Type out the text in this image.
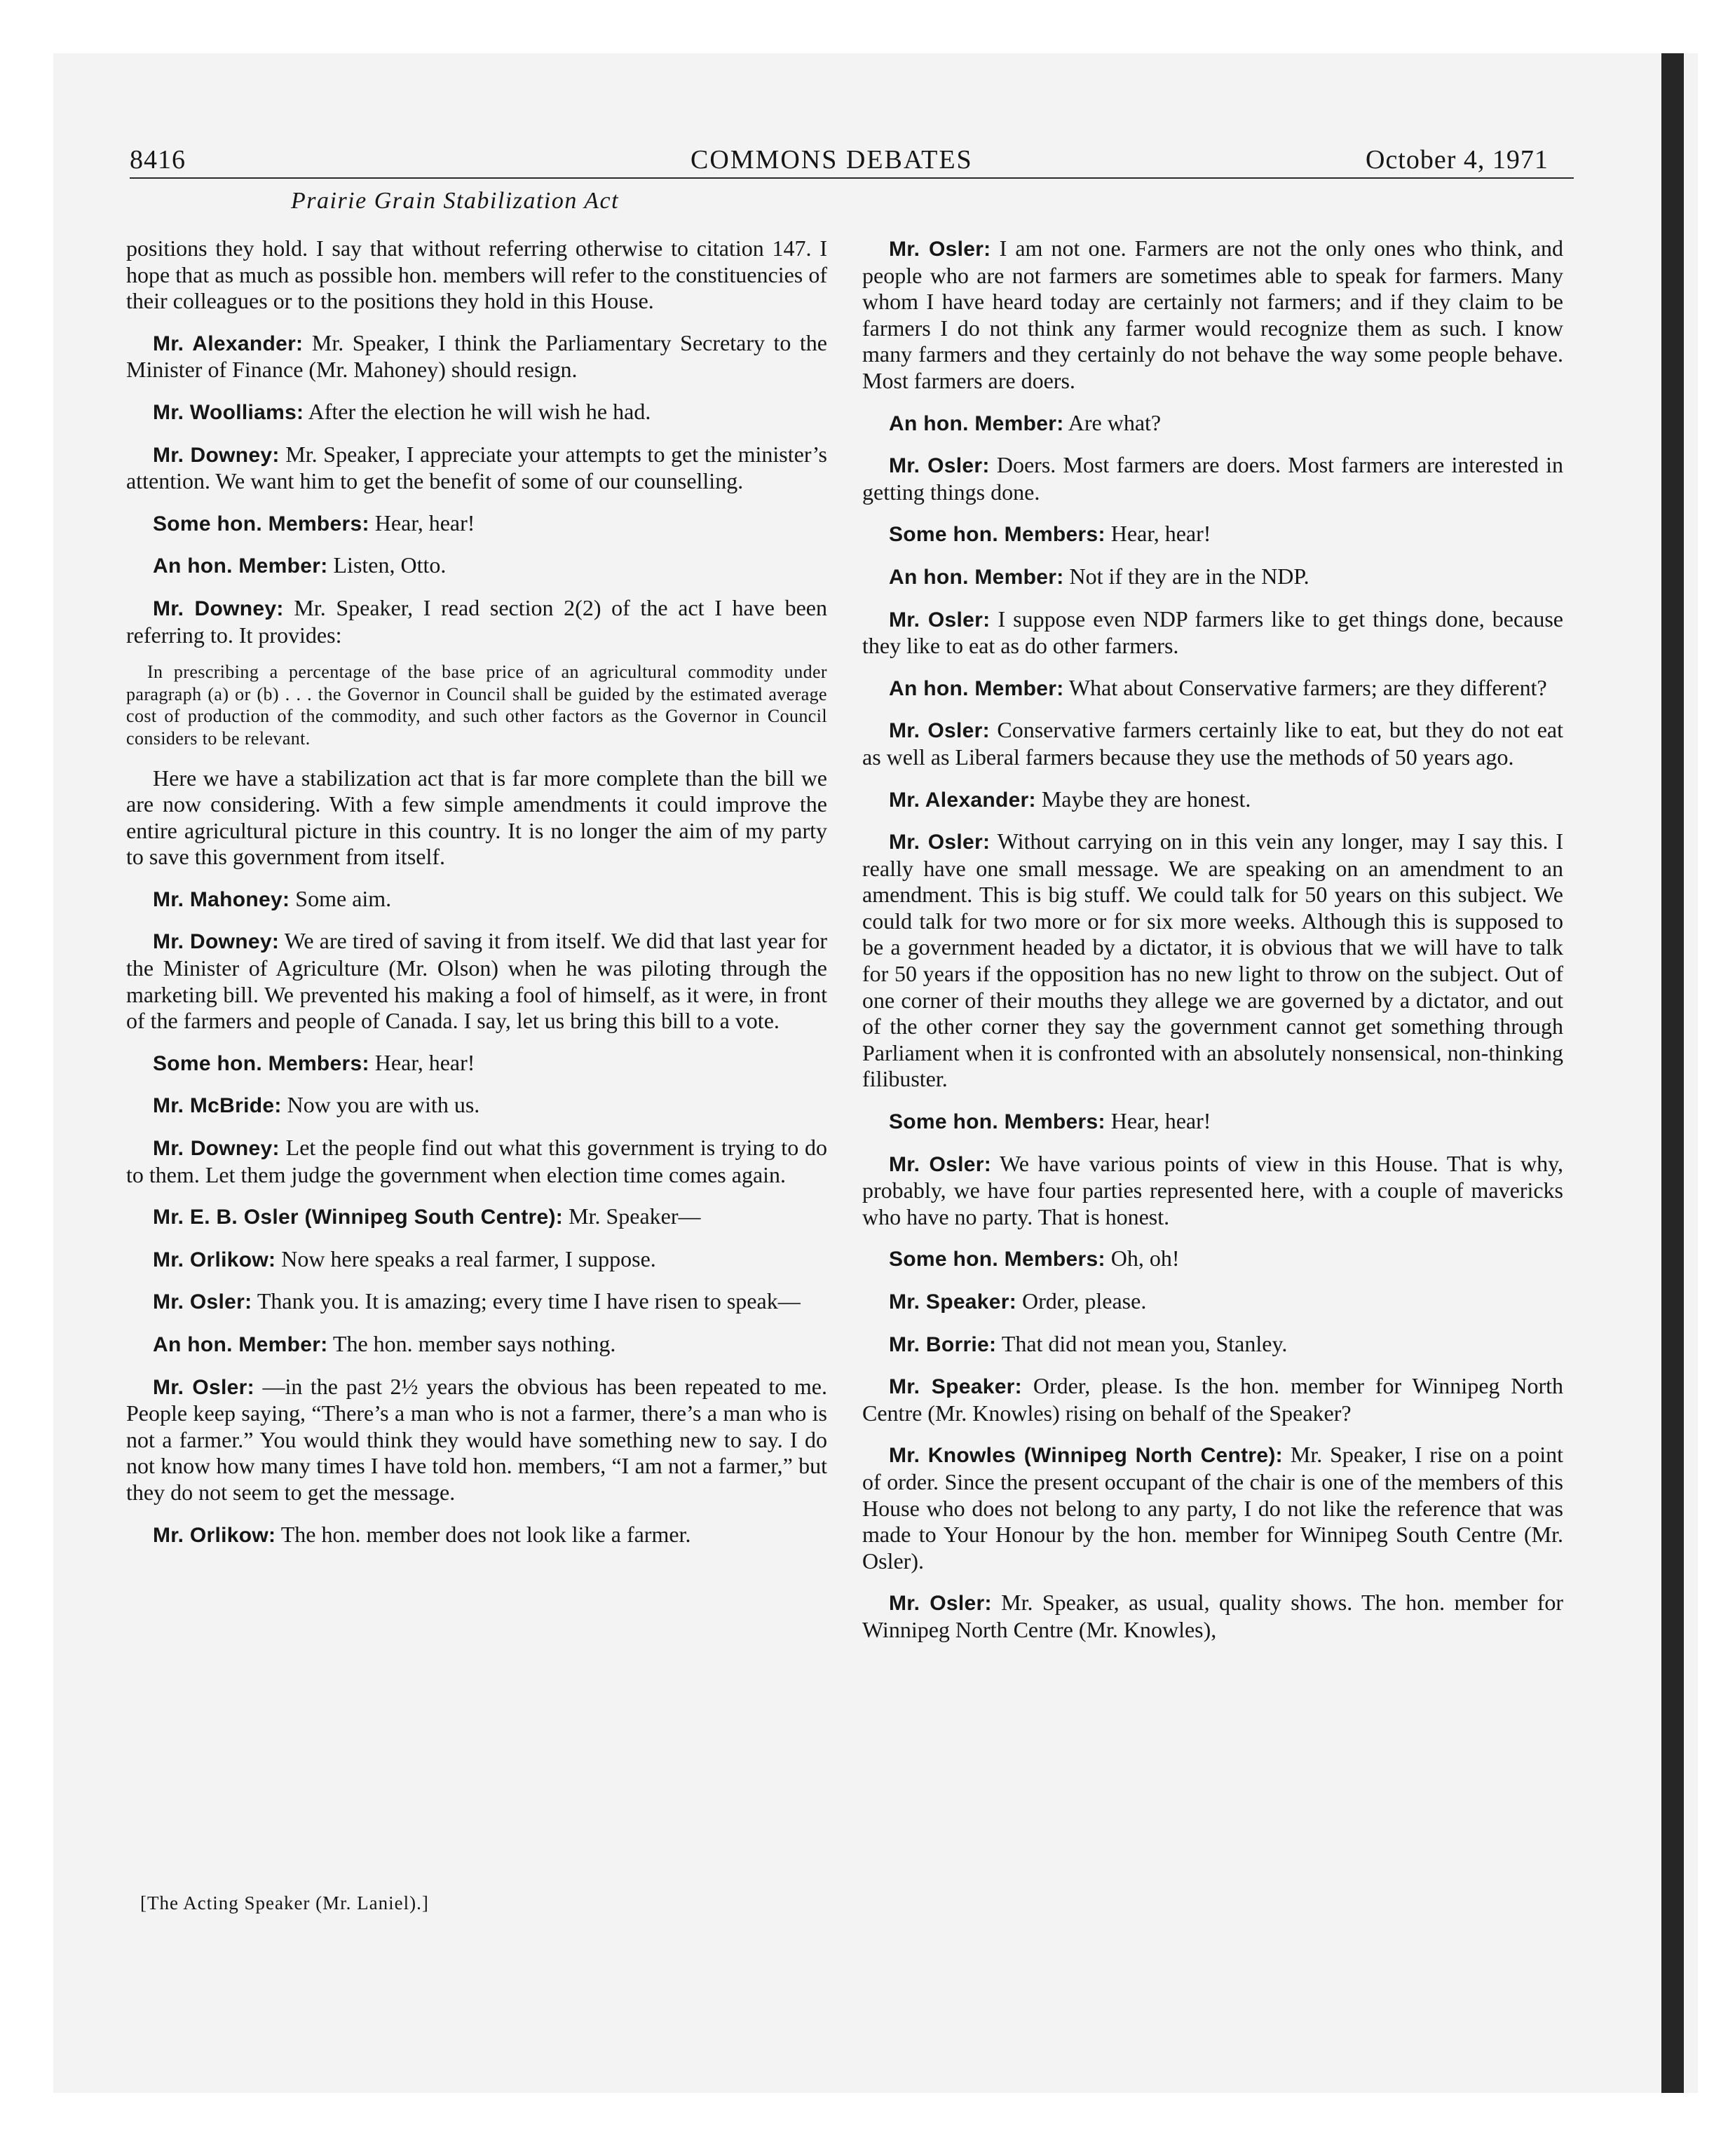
8416	COMMONS DEBATES	October 4, 1971
Prairie Grain Stabilization Act

positions they hold. I say that without referring otherwise to citation 147. I hope that as much as possible hon. members will refer to the constituencies of their colleagues or to the positions they hold in this House.

Mr. Alexander: Mr. Speaker, I think the Parliamentary Secretary to the Minister of Finance (Mr. Mahoney) should resign.

Mr. Woolliams: After the election he will wish he had.

Mr. Downey: Mr. Speaker, I appreciate your attempts to get the minister’s attention. We want him to get the benefit of some of our counselling.

Some hon. Members: Hear, hear!

An hon. Member: Listen, Otto.

Mr. Downey: Mr. Speaker, I read section 2(2) of the act I have been referring to. It provides:

In prescribing a percentage of the base price of an agricultural commodity under paragraph (a) or (b) . . . the Governor in Council shall be guided by the estimated average cost of production of the commodity, and such other factors as the Governor in Council considers to be relevant.

Here we have a stabilization act that is far more complete than the bill we are now considering. With a few simple amendments it could improve the entire agricultural picture in this country. It is no longer the aim of my party to save this government from itself.

Mr. Mahoney: Some aim.

Mr. Downey: We are tired of saving it from itself. We did that last year for the Minister of Agriculture (Mr. Olson) when he was piloting through the marketing bill. We prevented his making a fool of himself, as it were, in front of the farmers and people of Canada. I say, let us bring this bill to a vote.

Some hon. Members: Hear, hear!

Mr. McBride: Now you are with us.

Mr. Downey: Let the people find out what this government is trying to do to them. Let them judge the government when election time comes again.

Mr. E. B. Osler (Winnipeg South Centre): Mr. Speaker—

Mr. Orlikow: Now here speaks a real farmer, I suppose.

Mr. Osler: Thank you. It is amazing; every time I have risen to speak—

An hon. Member: The hon. member says nothing.

Mr. Osler: —in the past 2½ years the obvious has been repeated to me. People keep saying, “There’s a man who is not a farmer, there’s a man who is not a farmer.” You would think they would have something new to say. I do not know how many times I have told hon. members, “I am not a farmer,” but they do not seem to get the message.

Mr. Orlikow: The hon. member does not look like a farmer.

Mr. Osler: I am not one. Farmers are not the only ones who think, and people who are not farmers are sometimes able to speak for farmers. Many whom I have heard today are certainly not farmers; and if they claim to be farmers I do not think any farmer would recognize them as such. I know many farmers and they certainly do not behave the way some people behave. Most farmers are doers.

An hon. Member: Are what?

Mr. Osler: Doers. Most farmers are doers. Most farmers are interested in getting things done.

Some hon. Members: Hear, hear!

An hon. Member: Not if they are in the NDP.

Mr. Osler: I suppose even NDP farmers like to get things done, because they like to eat as do other farmers.

An hon. Member: What about Conservative farmers; are they different?

Mr. Osler: Conservative farmers certainly like to eat, but they do not eat as well as Liberal farmers because they use the methods of 50 years ago.

Mr. Alexander: Maybe they are honest.

Mr. Osler: Without carrying on in this vein any longer, may I say this. I really have one small message. We are speaking on an amendment to an amendment. This is big stuff. We could talk for 50 years on this subject. We could talk for two more or for six more weeks. Although this is supposed to be a government headed by a dictator, it is obvious that we will have to talk for 50 years if the opposition has no new light to throw on the subject. Out of one corner of their mouths they allege we are governed by a dictator, and out of the other corner they say the government cannot get something through Parliament when it is confronted with an absolutely nonsensical, non-thinking filibuster.

Some hon. Members: Hear, hear!

Mr. Osler: We have various points of view in this House. That is why, probably, we have four parties represented here, with a couple of mavericks who have no party. That is honest.

Some hon. Members: Oh, oh!

Mr. Speaker: Order, please.

Mr. Borrie: That did not mean you, Stanley.

Mr. Speaker: Order, please. Is the hon. member for Winnipeg North Centre (Mr. Knowles) rising on behalf of the Speaker?

Mr. Knowles (Winnipeg North Centre): Mr. Speaker, I rise on a point of order. Since the present occupant of the chair is one of the members of this House who does not belong to any party, I do not like the reference that was made to Your Honour by the hon. member for Winnipeg South Centre (Mr. Osler).

Mr. Osler: Mr. Speaker, as usual, quality shows. The hon. member for Winnipeg North Centre (Mr. Knowles),

[The Acting Speaker (Mr. Laniel).]
